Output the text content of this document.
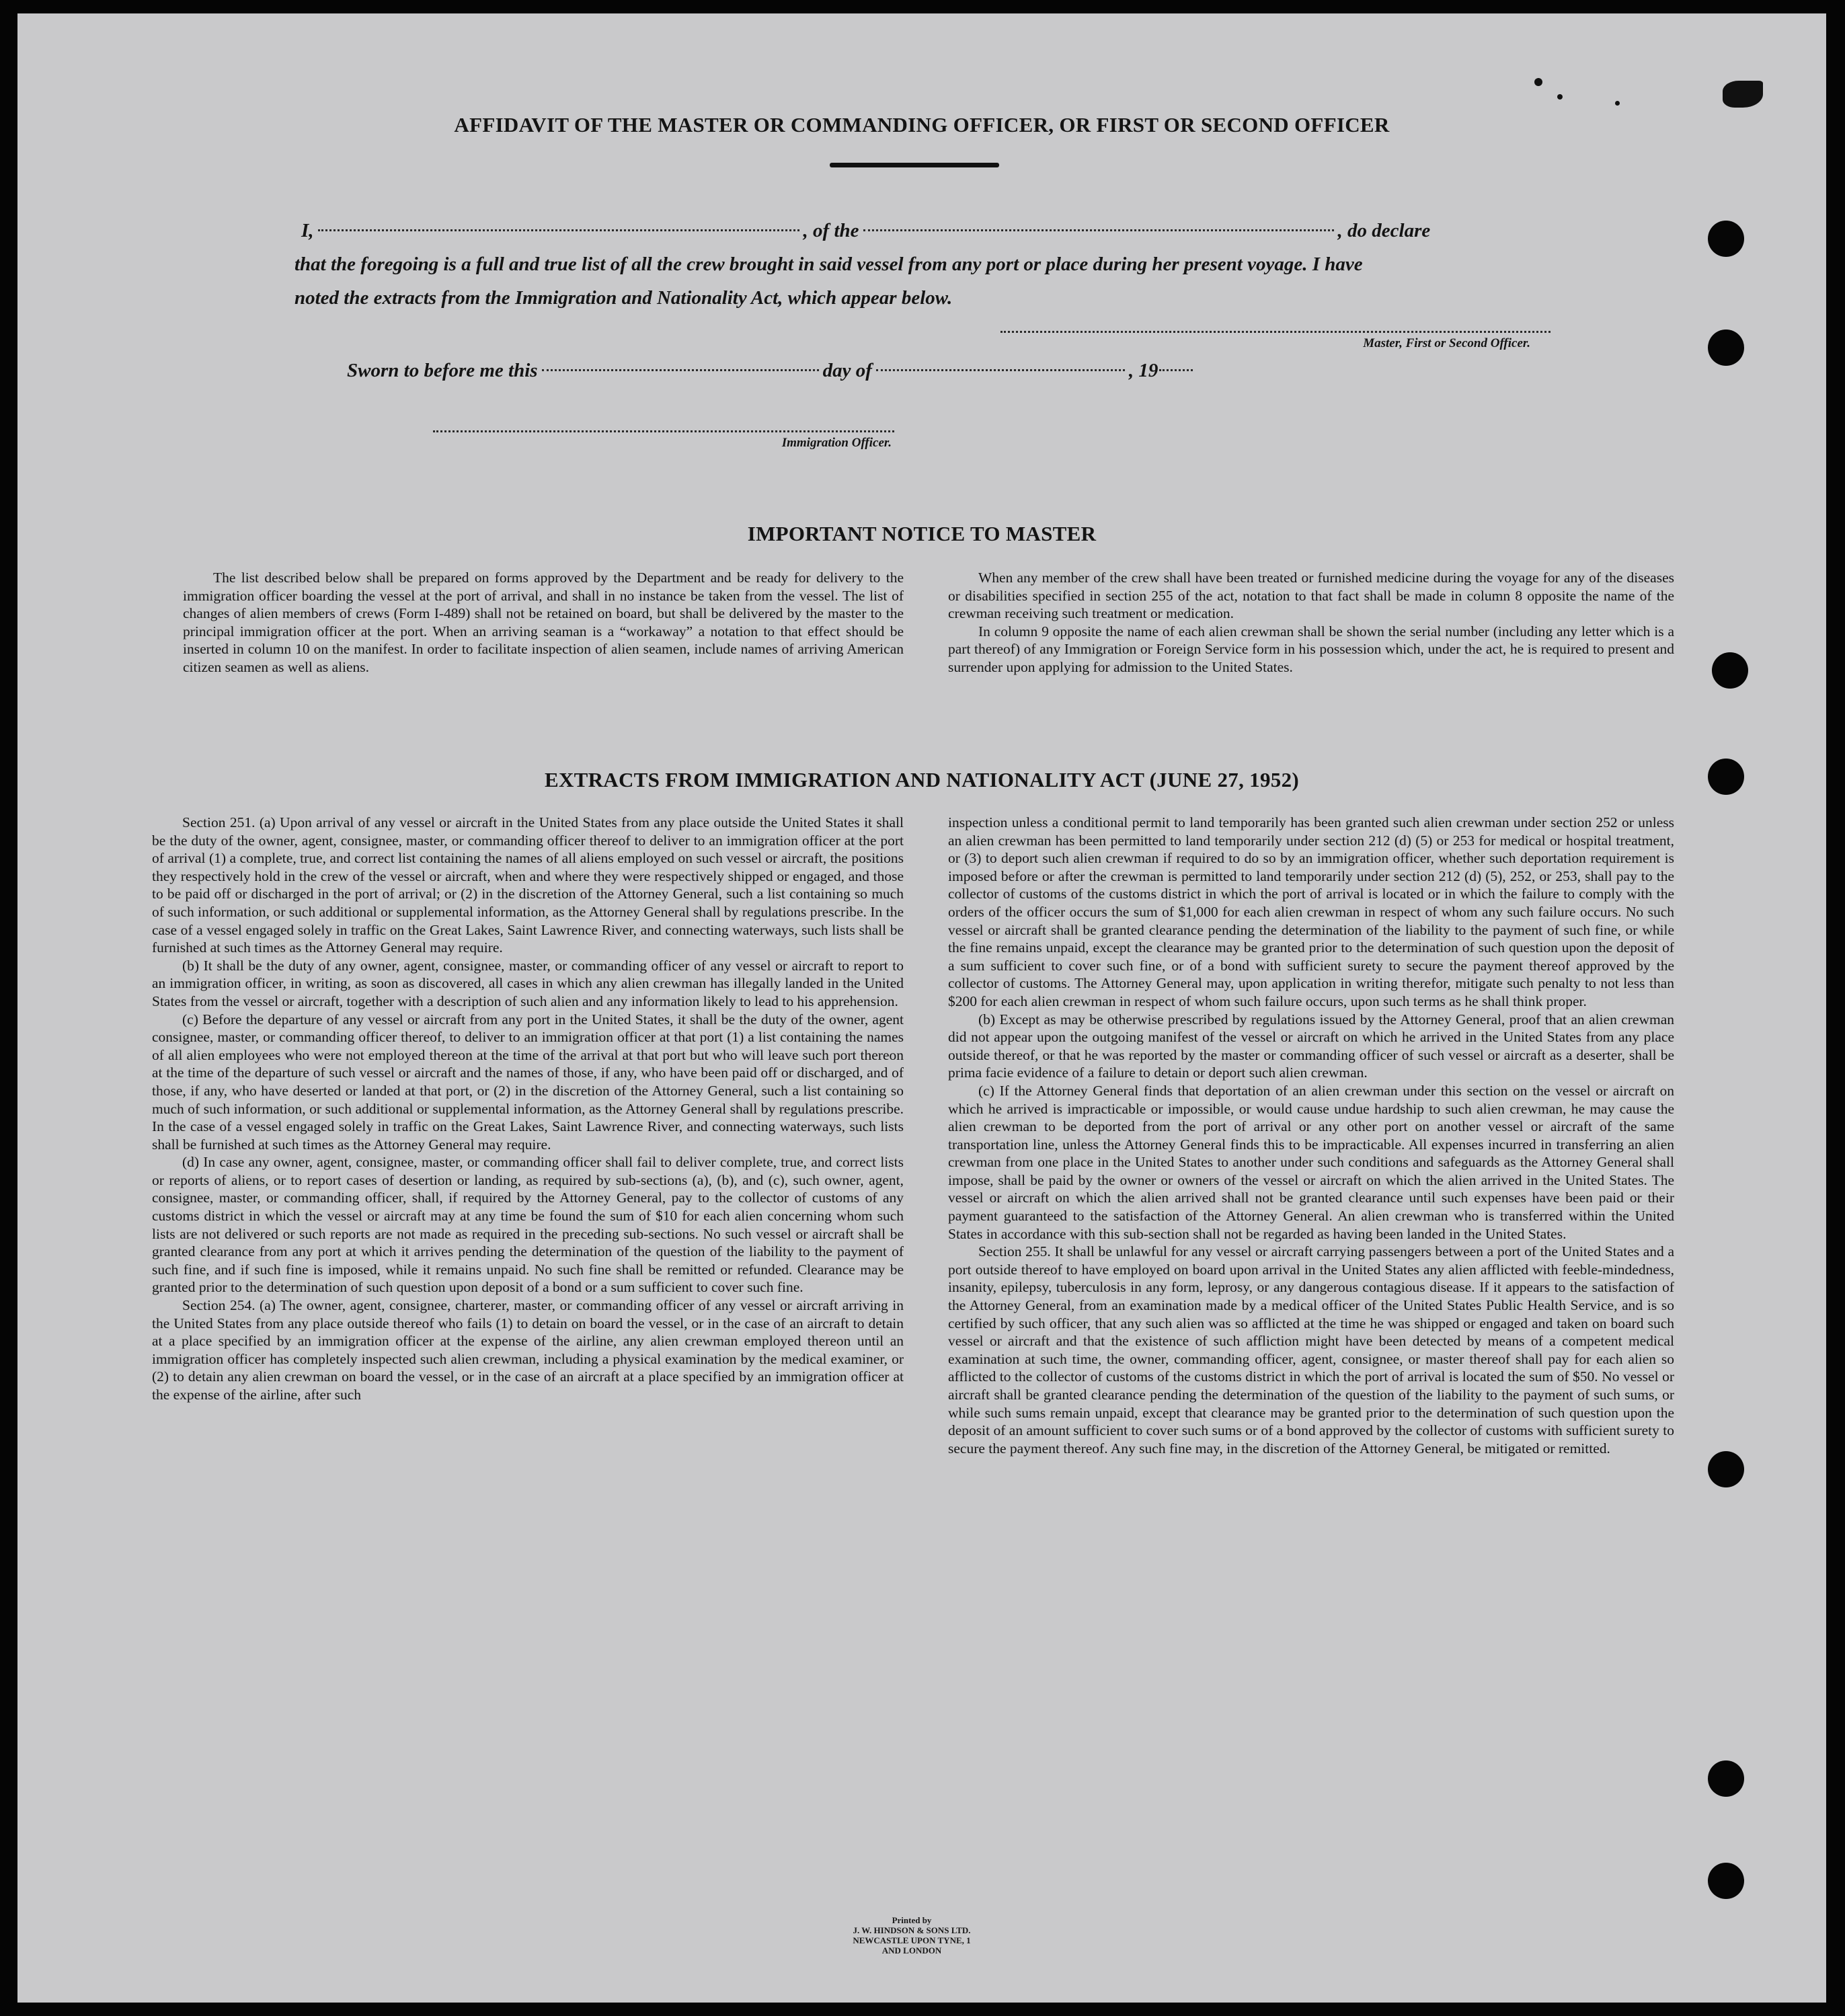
AFFIDAVIT OF THE MASTER OR COMMANDING OFFICER, OR FIRST OR SECOND OFFICER
I,	, of the	, do declare
that the foregoing is a full and true list of all the crew brought in said vessel from any port or place during her present voyage. I have
noted the extracts from the Immigration and Nationality Act, which appear below.
Master, First or Second Officer.
Sworn to before me this	day of	, 19
Immigration Officer.
IMPORTANT NOTICE TO MASTER

The list described below shall be prepared on forms approved by the Department and be ready for delivery to the immigration officer boarding the vessel at the port of arrival, and shall in no instance be taken from the vessel. The list of changes of alien members of crews (Form I-489) shall not be retained on board, but shall be delivered by the master to the principal immigration officer at the port. When an arriving seaman is a “workaway” a notation to that effect should be inserted in column 10 on the manifest. In order to facilitate inspection of alien seamen, include names of arriving American citizen seamen as well as aliens.

When any member of the crew shall have been treated or furnished medicine during the voyage for any of the diseases or disabilities specified in section 255 of the act, notation to that fact shall be made in column 8 opposite the name of the crewman receiving such treatment or medication.

In column 9 opposite the name of each alien crewman shall be shown the serial number (including any letter which is a part thereof) of any Immigration or Foreign Service form in his possession which, under the act, he is required to present and surrender upon applying for admission to the United States.

EXTRACTS FROM IMMIGRATION AND NATIONALITY ACT (JUNE 27, 1952)

Section 251. (a) Upon arrival of any vessel or aircraft in the United States from any place outside the United States it shall be the duty of the owner, agent, consignee, master, or commanding officer thereof to deliver to an immigration officer at the port of arrival (1) a complete, true, and correct list containing the names of all aliens employed on such vessel or aircraft, the positions they respectively hold in the crew of the vessel or aircraft, when and where they were respectively shipped or engaged, and those to be paid off or discharged in the port of arrival; or (2) in the discretion of the Attorney General, such a list containing so much of such information, or such additional or supplemental information, as the Attorney General shall by regulations prescribe. In the case of a vessel engaged solely in traffic on the Great Lakes, Saint Lawrence River, and connecting waterways, such lists shall be furnished at such times as the Attorney General may require.

(b) It shall be the duty of any owner, agent, consignee, master, or commanding officer of any vessel or aircraft to report to an immigration officer, in writing, as soon as discovered, all cases in which any alien crewman has illegally landed in the United States from the vessel or aircraft, together with a description of such alien and any information likely to lead to his apprehension.

(c) Before the departure of any vessel or aircraft from any port in the United States, it shall be the duty of the owner, agent consignee, master, or commanding officer thereof, to deliver to an immigration officer at that port (1) a list containing the names of all alien employees who were not employed thereon at the time of the arrival at that port but who will leave such port thereon at the time of the departure of such vessel or aircraft and the names of those, if any, who have been paid off or discharged, and of those, if any, who have deserted or landed at that port, or (2) in the discretion of the Attorney General, such a list containing so much of such information, or such additional or supplemental information, as the Attorney General shall by regulations prescribe. In the case of a vessel engaged solely in traffic on the Great Lakes, Saint Lawrence River, and connecting waterways, such lists shall be furnished at such times as the Attorney General may require.

(d) In case any owner, agent, consignee, master, or commanding officer shall fail to deliver complete, true, and correct lists or reports of aliens, or to report cases of desertion or landing, as required by sub-sections (a), (b), and (c), such owner, agent, consignee, master, or commanding officer, shall, if required by the Attorney General, pay to the collector of customs of any customs district in which the vessel or aircraft may at any time be found the sum of $10 for each alien concerning whom such lists are not delivered or such reports are not made as required in the preceding sub-sections. No such vessel or aircraft shall be granted clearance from any port at which it arrives pending the determination of the question of the liability to the payment of such fine, and if such fine is imposed, while it remains unpaid. No such fine shall be remitted or refunded. Clearance may be granted prior to the determination of such question upon deposit of a bond or a sum sufficient to cover such fine.

Section 254. (a) The owner, agent, consignee, charterer, master, or commanding officer of any vessel or aircraft arriving in the United States from any place outside thereof who fails (1) to detain on board the vessel, or in the case of an aircraft to detain at a place specified by an immigration officer at the expense of the airline, any alien crewman employed thereon until an immigration officer has completely inspected such alien crewman, including a physical examination by the medical examiner, or (2) to detain any alien crewman on board the vessel, or in the case of an aircraft at a place specified by an immigration officer at the expense of the airline, after such

inspection unless a conditional permit to land temporarily has been granted such alien crewman under section 252 or unless an alien crewman has been permitted to land temporarily under section 212 (d) (5) or 253 for medical or hospital treatment, or (3) to deport such alien crewman if required to do so by an immigration officer, whether such deportation requirement is imposed before or after the crewman is permitted to land temporarily under section 212 (d) (5), 252, or 253, shall pay to the collector of customs of the customs district in which the port of arrival is located or in which the failure to comply with the orders of the officer occurs the sum of $1,000 for each alien crewman in respect of whom any such failure occurs. No such vessel or aircraft shall be granted clearance pending the determination of the liability to the payment of such fine, or while the fine remains unpaid, except the clearance may be granted prior to the determination of such question upon the deposit of a sum sufficient to cover such fine, or of a bond with sufficient surety to secure the payment thereof approved by the collector of customs. The Attorney General may, upon application in writing therefor, mitigate such penalty to not less than $200 for each alien crewman in respect of whom such failure occurs, upon such terms as he shall think proper.

(b) Except as may be otherwise prescribed by regulations issued by the Attorney General, proof that an alien crewman did not appear upon the outgoing manifest of the vessel or aircraft on which he arrived in the United States from any place outside thereof, or that he was reported by the master or commanding officer of such vessel or aircraft as a deserter, shall be prima facie evidence of a failure to detain or deport such alien crewman.

(c) If the Attorney General finds that deportation of an alien crewman under this section on the vessel or aircraft on which he arrived is impracticable or impossible, or would cause undue hardship to such alien crewman, he may cause the alien crewman to be deported from the port of arrival or any other port on another vessel or aircraft of the same transportation line, unless the Attorney General finds this to be impracticable. All expenses incurred in transferring an alien crewman from one place in the United States to another under such conditions and safeguards as the Attorney General shall impose, shall be paid by the owner or owners of the vessel or aircraft on which the alien arrived in the United States. The vessel or aircraft on which the alien arrived shall not be granted clearance until such expenses have been paid or their payment guaranteed to the satisfaction of the Attorney General. An alien crewman who is transferred within the United States in accordance with this sub-section shall not be regarded as having been landed in the United States.

Section 255. It shall be unlawful for any vessel or aircraft carrying passengers between a port of the United States and a port outside thereof to have employed on board upon arrival in the United States any alien afflicted with feeble-mindedness, insanity, epilepsy, tuberculosis in any form, leprosy, or any dangerous contagious disease. If it appears to the satisfaction of the Attorney General, from an examination made by a medical officer of the United States Public Health Service, and is so certified by such officer, that any such alien was so afflicted at the time he was shipped or engaged and taken on board such vessel or aircraft and that the existence of such affliction might have been detected by means of a competent medical examination at such time, the owner, commanding officer, agent, consignee, or master thereof shall pay for each alien so afflicted to the collector of customs of the customs district in which the port of arrival is located the sum of $50. No vessel or aircraft shall be granted clearance pending the determination of the question of the liability to the payment of such sums, or while such sums remain unpaid, except that clearance may be granted prior to the determination of such question upon the deposit of an amount sufficient to cover such sums or of a bond approved by the collector of customs with sufficient surety to secure the payment thereof. Any such fine may, in the discretion of the Attorney General, be mitigated or remitted.

Printed by
J. W. HINDSON & SONS LTD.
NEWCASTLE UPON TYNE, 1
AND LONDON
